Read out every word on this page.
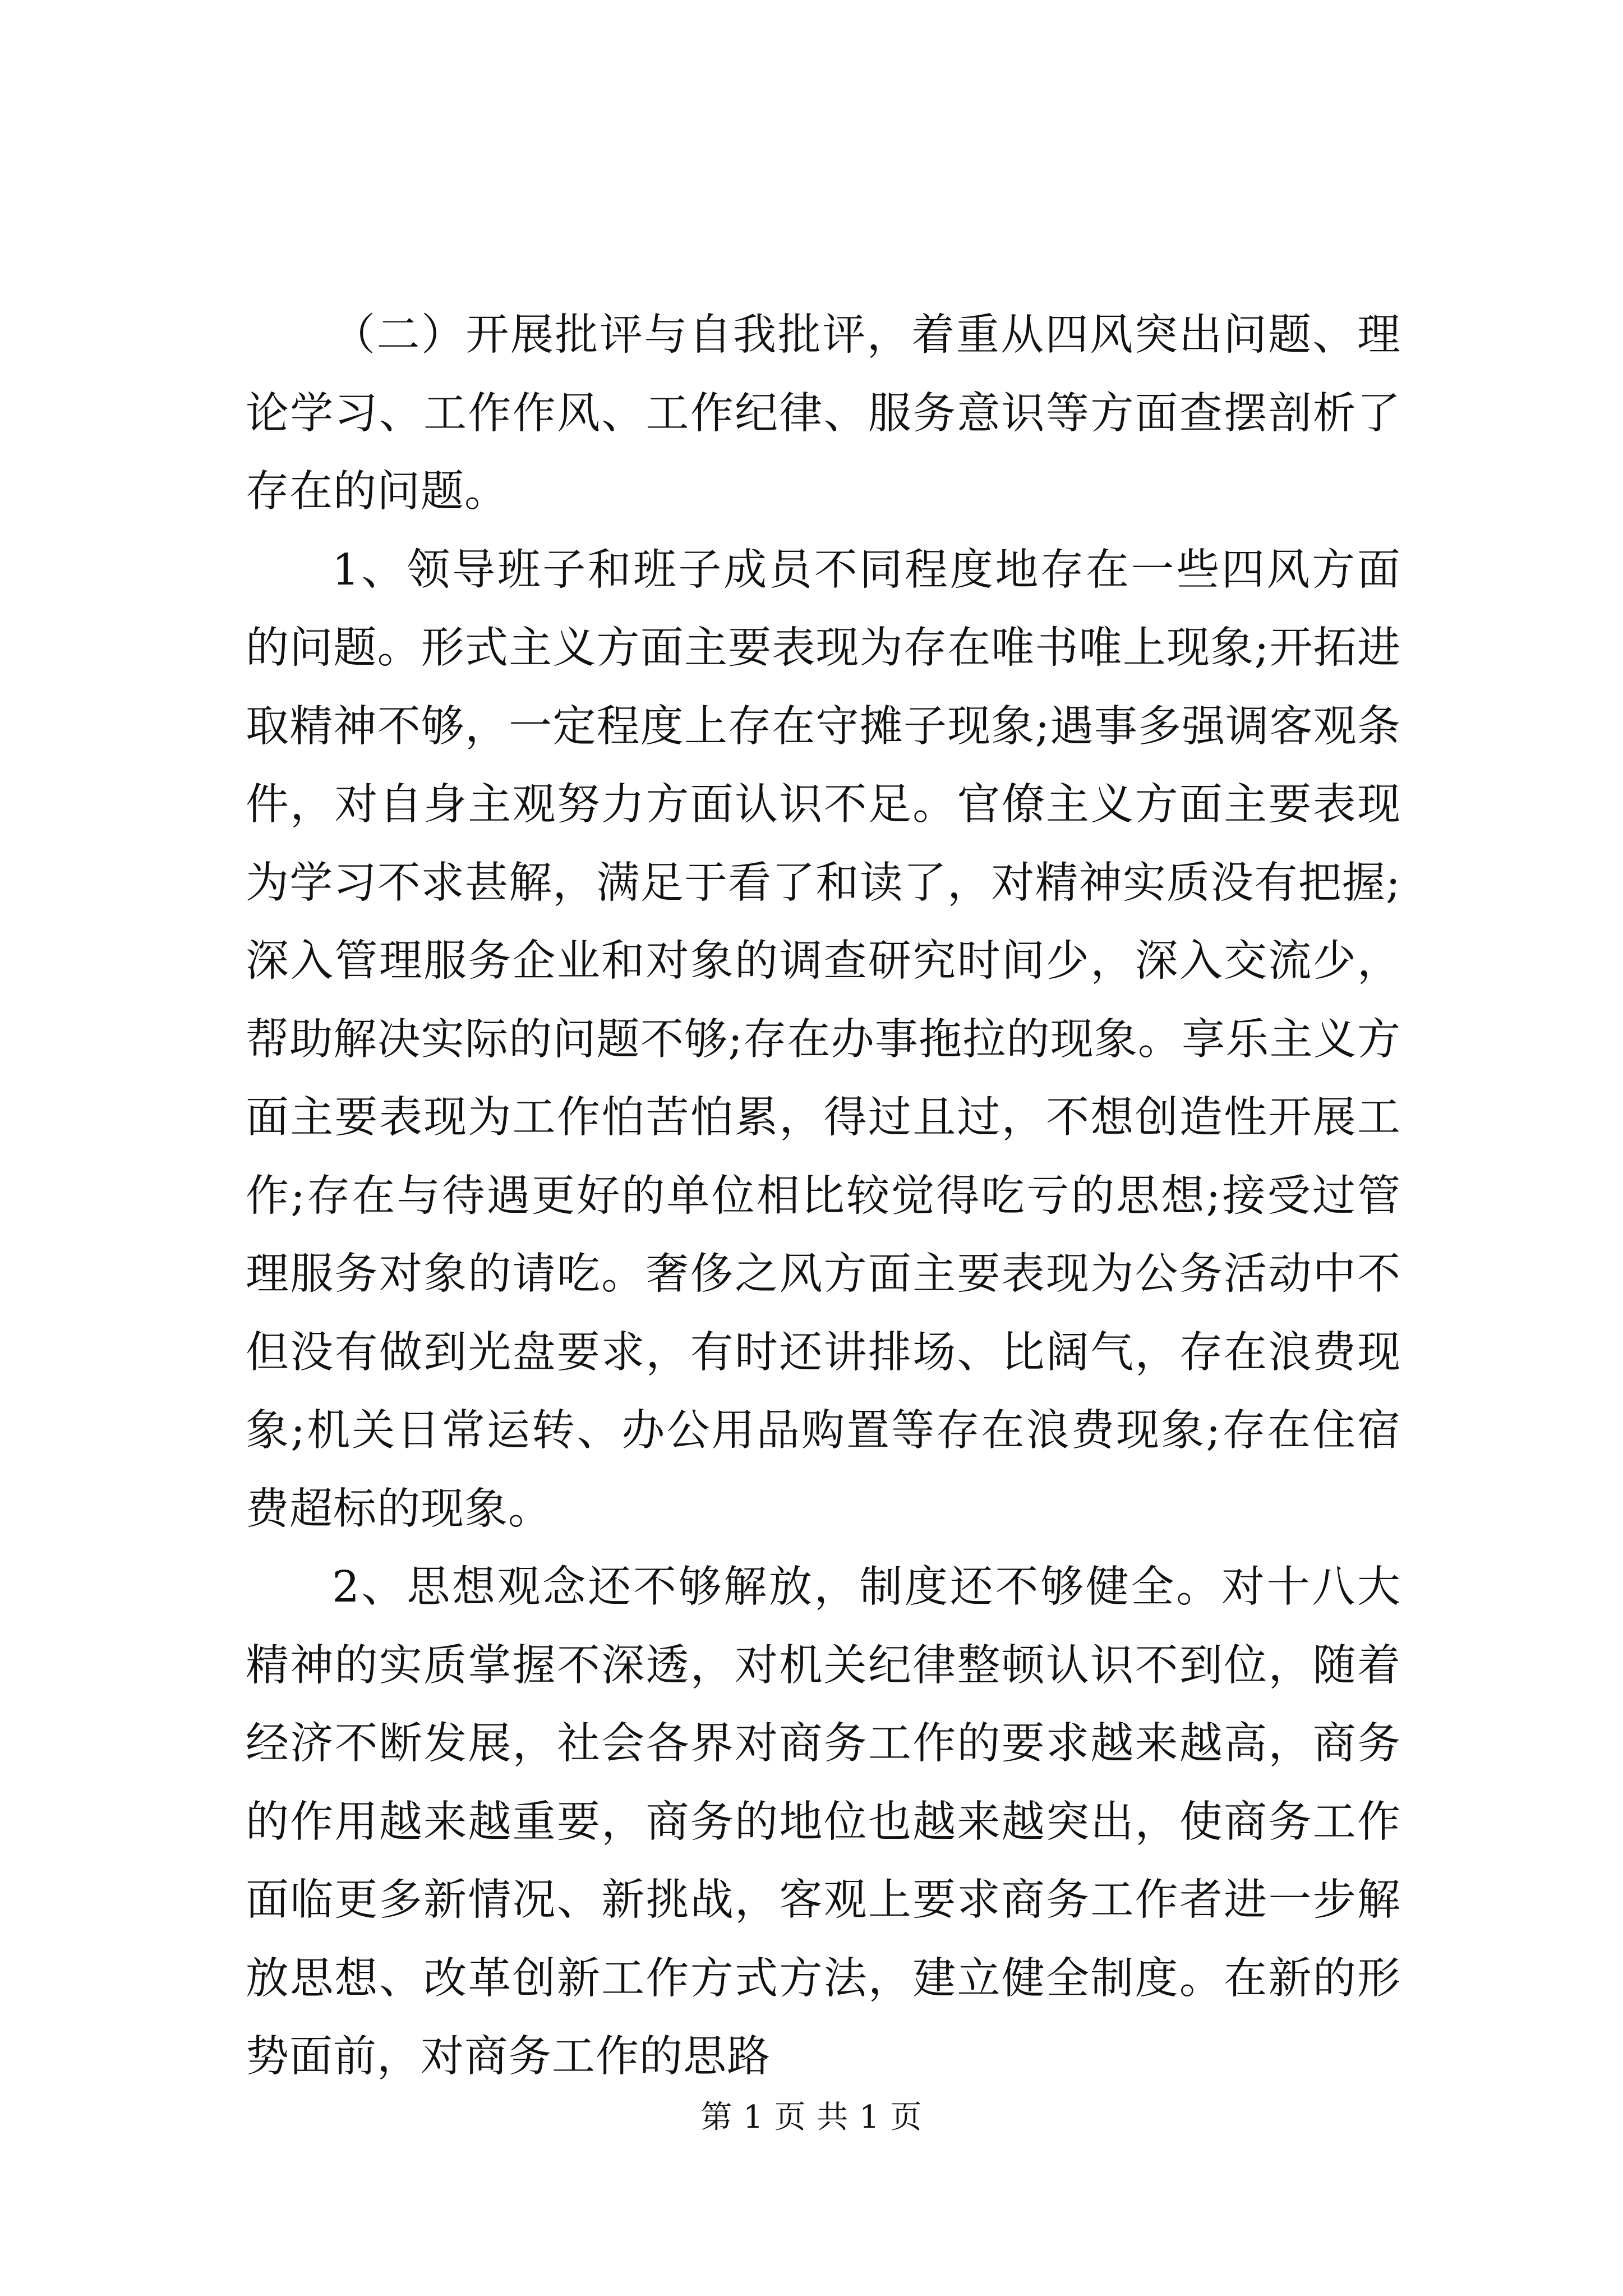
（二）开展批评与自我批评，着重从四风突出问题、理论学习、工作作风、工作纪律、服务意识等方面查摆剖析了存在的问题。

1、领导班子和班子成员不同程度地存在一些四风方面的问题。形式主义方面主要表现为存在唯书唯上现象;开拓进取精神不够，一定程度上存在守摊子现象;遇事多强调客观条件，对自身主观努力方面认识不足。官僚主义方面主要表现为学习不求甚解，满足于看了和读了，对精神实质没有把握;深入管理服务企业和对象的调查研究时间少，深入交流少，帮助解决实际的问题不够;存在办事拖拉的现象。享乐主义方面主要表现为工作怕苦怕累，得过且过，不想创造性开展工作;存在与待遇更好的单位相比较觉得吃亏的思想;接受过管理服务对象的请吃。奢侈之风方面主要表现为公务活动中不但没有做到光盘要求，有时还讲排场、比阔气，存在浪费现象;机关日常运转、办公用品购置等存在浪费现象;存在住宿费超标的现象。

2、思想观念还不够解放，制度还不够健全。对十八大精神的实质掌握不深透，对机关纪律整顿认识不到位，随着经济不断发展，社会各界对商务工作的要求越来越高，商务的作用越来越重要，商务的地位也越来越突出，使商务工作面临更多新情况、新挑战，客观上要求商务工作者进一步解放思想、改革创新工作方式方法，建立健全制度。在新的形势面前，对商务工作的思路

第 1 页 共 1 页
